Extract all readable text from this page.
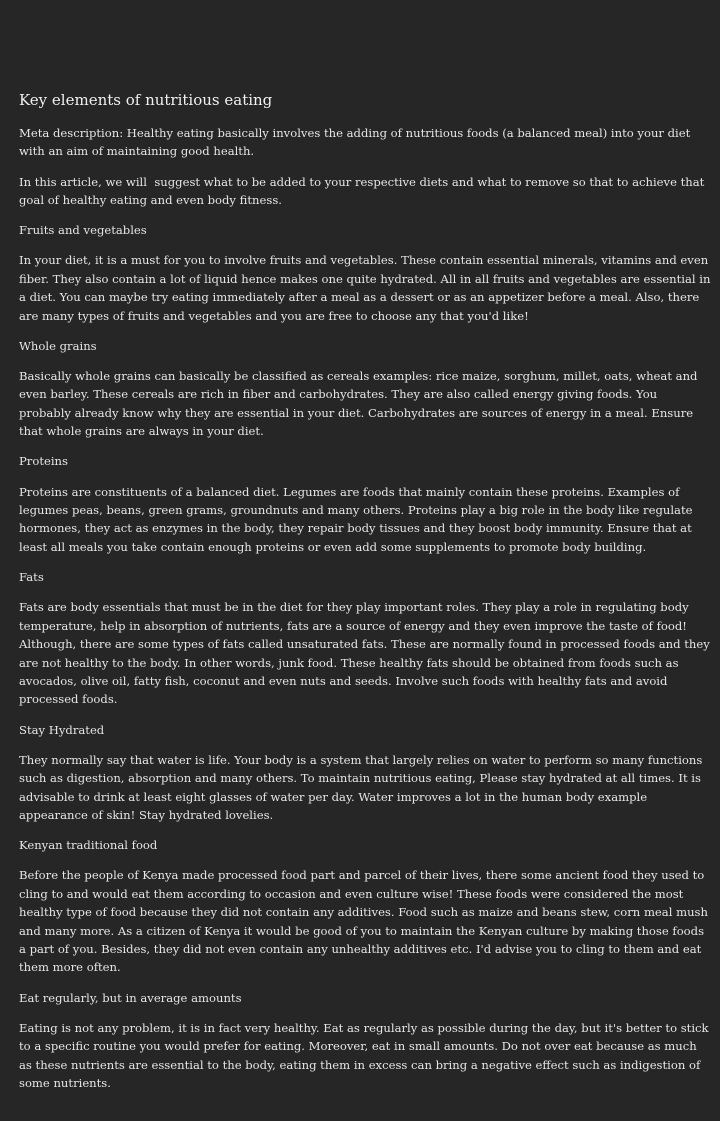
Key elements of nutritious eating

Meta description: Healthy eating basically involves the adding of nutritious foods (a balanced meal) into your diet with an aim of maintaining good health.

In this article, we will  suggest what to be added to your respective diets and what to remove so that to achieve that goal of healthy eating and even body fitness.

Fruits and vegetables

In your diet, it is a must for you to involve fruits and vegetables. These contain essential minerals, vitamins and even fiber. They also contain a lot of liquid hence makes one quite hydrated. All in all fruits and vegetables are essential in a diet. You can maybe try eating immediately after a meal as a dessert or as an appetizer before a meal. Also, there are many types of fruits and vegetables and you are free to choose any that you'd like!

Whole grains

Basically whole grains can basically be classified as cereals examples: rice maize, sorghum, millet, oats, wheat and even barley. These cereals are rich in fiber and carbohydrates. They are also called energy giving foods. You probably already know why they are essential in your diet. Carbohydrates are sources of energy in a meal. Ensure that whole grains are always in your diet.

Proteins

Proteins are constituents of a balanced diet. Legumes are foods that mainly contain these proteins. Examples of legumes peas, beans, green grams, groundnuts and many others. Proteins play a big role in the body like regulate hormones, they act as enzymes in the body, they repair body tissues and they boost body immunity. Ensure that at least all meals you take contain enough proteins or even add some supplements to promote body building.

Fats

Fats are body essentials that must be in the diet for they play important roles. They play a role in regulating body temperature, help in absorption of nutrients, fats are a source of energy and they even improve the taste of food! Although, there are some types of fats called unsaturated fats. These are normally found in processed foods and they are not healthy to the body. In other words, junk food. These healthy fats should be obtained from foods such as avocados, olive oil, fatty fish, coconut and even nuts and seeds. Involve such foods with healthy fats and avoid processed foods.

Stay Hydrated

They normally say that water is life. Your body is a system that largely relies on water to perform so many functions such as digestion, absorption and many others. To maintain nutritious eating, Please stay hydrated at all times. It is advisable to drink at least eight glasses of water per day. Water improves a lot in the human body example appearance of skin! Stay hydrated lovelies.

Kenyan traditional food

Before the people of Kenya made processed food part and parcel of their lives, there some ancient food they used to cling to and would eat them according to occasion and even culture wise! These foods were considered the most healthy type of food because they did not contain any additives. Food such as maize and beans stew, corn meal mush and many more. As a citizen of Kenya it would be good of you to maintain the Kenyan culture by making those foods a part of you. Besides, they did not even contain any unhealthy additives etc. I'd advise you to cling to them and eat them more often.

Eat regularly, but in average amounts

Eating is not any problem, it is in fact very healthy. Eat as regularly as possible during the day, but it's better to stick to a specific routine you would prefer for eating. Moreover, eat in small amounts. Do not over eat because as much as these nutrients are essential to the body, eating them in excess can bring a negative effect such as indigestion of some nutrients.
